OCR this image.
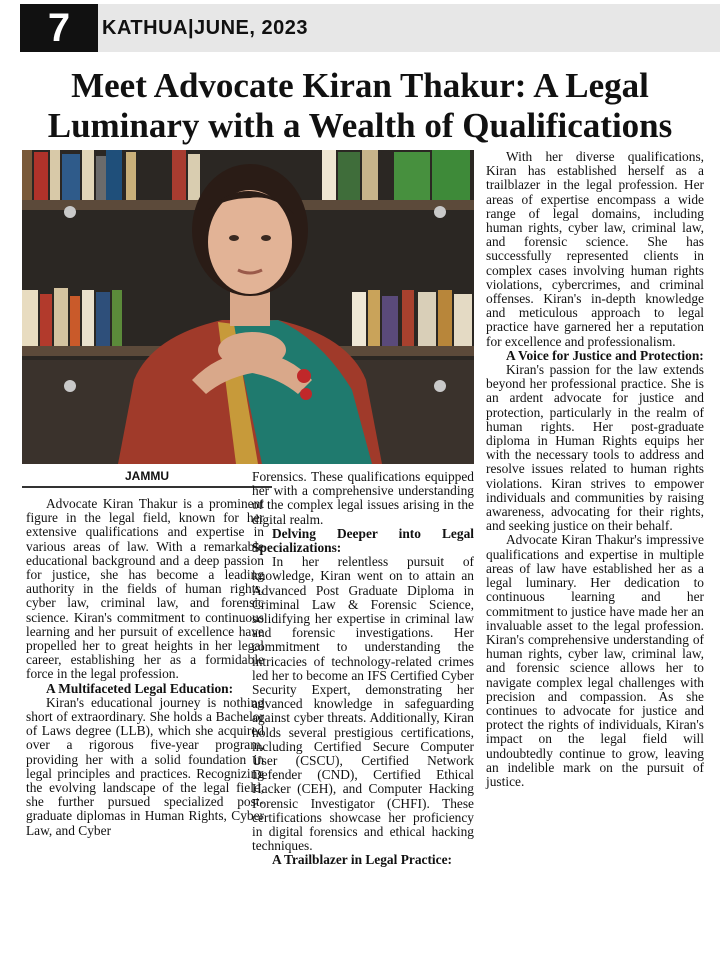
7	KATHUA|JUNE, 2023
Meet Advocate Kiran Thakur: A Legal
Luminary with a Wealth of Qualifications
JAMMU

Advocate Kiran Thakur is a prominent figure in the legal field, known for her extensive qualifications and expertise in various areas of law. With a remarkable educational background and a deep passion for justice, she has become a leading authority in the fields of human rights, cyber law, criminal law, and forensic science. Kiran's commitment to continuous learning and her pursuit of excellence have propelled her to great heights in her legal career, establishing her as a formidable force in the legal profession.

A Multifaceted Legal Education:

Kiran's educational journey is nothing short of extraordinary. She holds a Bachelor of Laws degree (LLB), which she acquired over a rigorous five-year program, providing her with a solid foundation in legal principles and practices. Recognizing the evolving landscape of the legal field, she further pursued specialized post-graduate diplomas in Human Rights, Cyber Law, and Cyber

Forensics. These qualifications equipped her with a comprehensive understanding of the complex legal issues arising in the digital realm.

Delving Deeper into Legal Specializations:

In her relentless pursuit of knowledge, Kiran went on to attain an Advanced Post Graduate Diploma in Criminal Law & Forensic Science, solidifying her expertise in criminal law and forensic investigations. Her commitment to understanding the intricacies of technology-related crimes led her to become an IFS Certified Cyber Security Expert, demonstrating her advanced knowledge in safeguarding against cyber threats. Additionally, Kiran holds several prestigious certifications, including Certified Secure Computer User (CSCU), Certified Network Defender (CND), Certified Ethical Hacker (CEH), and Computer Hacking Forensic Investigator (CHFI). These certifications showcase her proficiency in digital forensics and ethical hacking techniques.

A Trailblazer in Legal Practice:

With her diverse qualifications, Kiran has established herself as a trailblazer in the legal profession. Her areas of expertise encompass a wide range of legal domains, including human rights, cyber law, criminal law, and forensic science. She has successfully represented clients in complex cases involving human rights violations, cybercrimes, and criminal offenses. Kiran's in-depth knowledge and meticulous approach to legal practice have garnered her a reputation for excellence and professionalism.

A Voice for Justice and Protection:

Kiran's passion for the law extends beyond her professional practice. She is an ardent advocate for justice and protection, particularly in the realm of human rights. Her post-graduate diploma in Human Rights equips her with the necessary tools to address and resolve issues related to human rights violations. Kiran strives to empower individuals and communities by raising awareness, advocating for their rights, and seeking justice on their behalf.

Advocate Kiran Thakur's impressive qualifications and expertise in multiple areas of law have established her as a legal luminary. Her dedication to continuous learning and her commitment to justice have made her an invaluable asset to the legal profession. Kiran's comprehensive understanding of human rights, cyber law, criminal law, and forensic science allows her to navigate complex legal challenges with precision and compassion. As she continues to advocate for justice and protect the rights of individuals, Kiran's impact on the legal field will undoubtedly continue to grow, leaving an indelible mark on the pursuit of justice.
